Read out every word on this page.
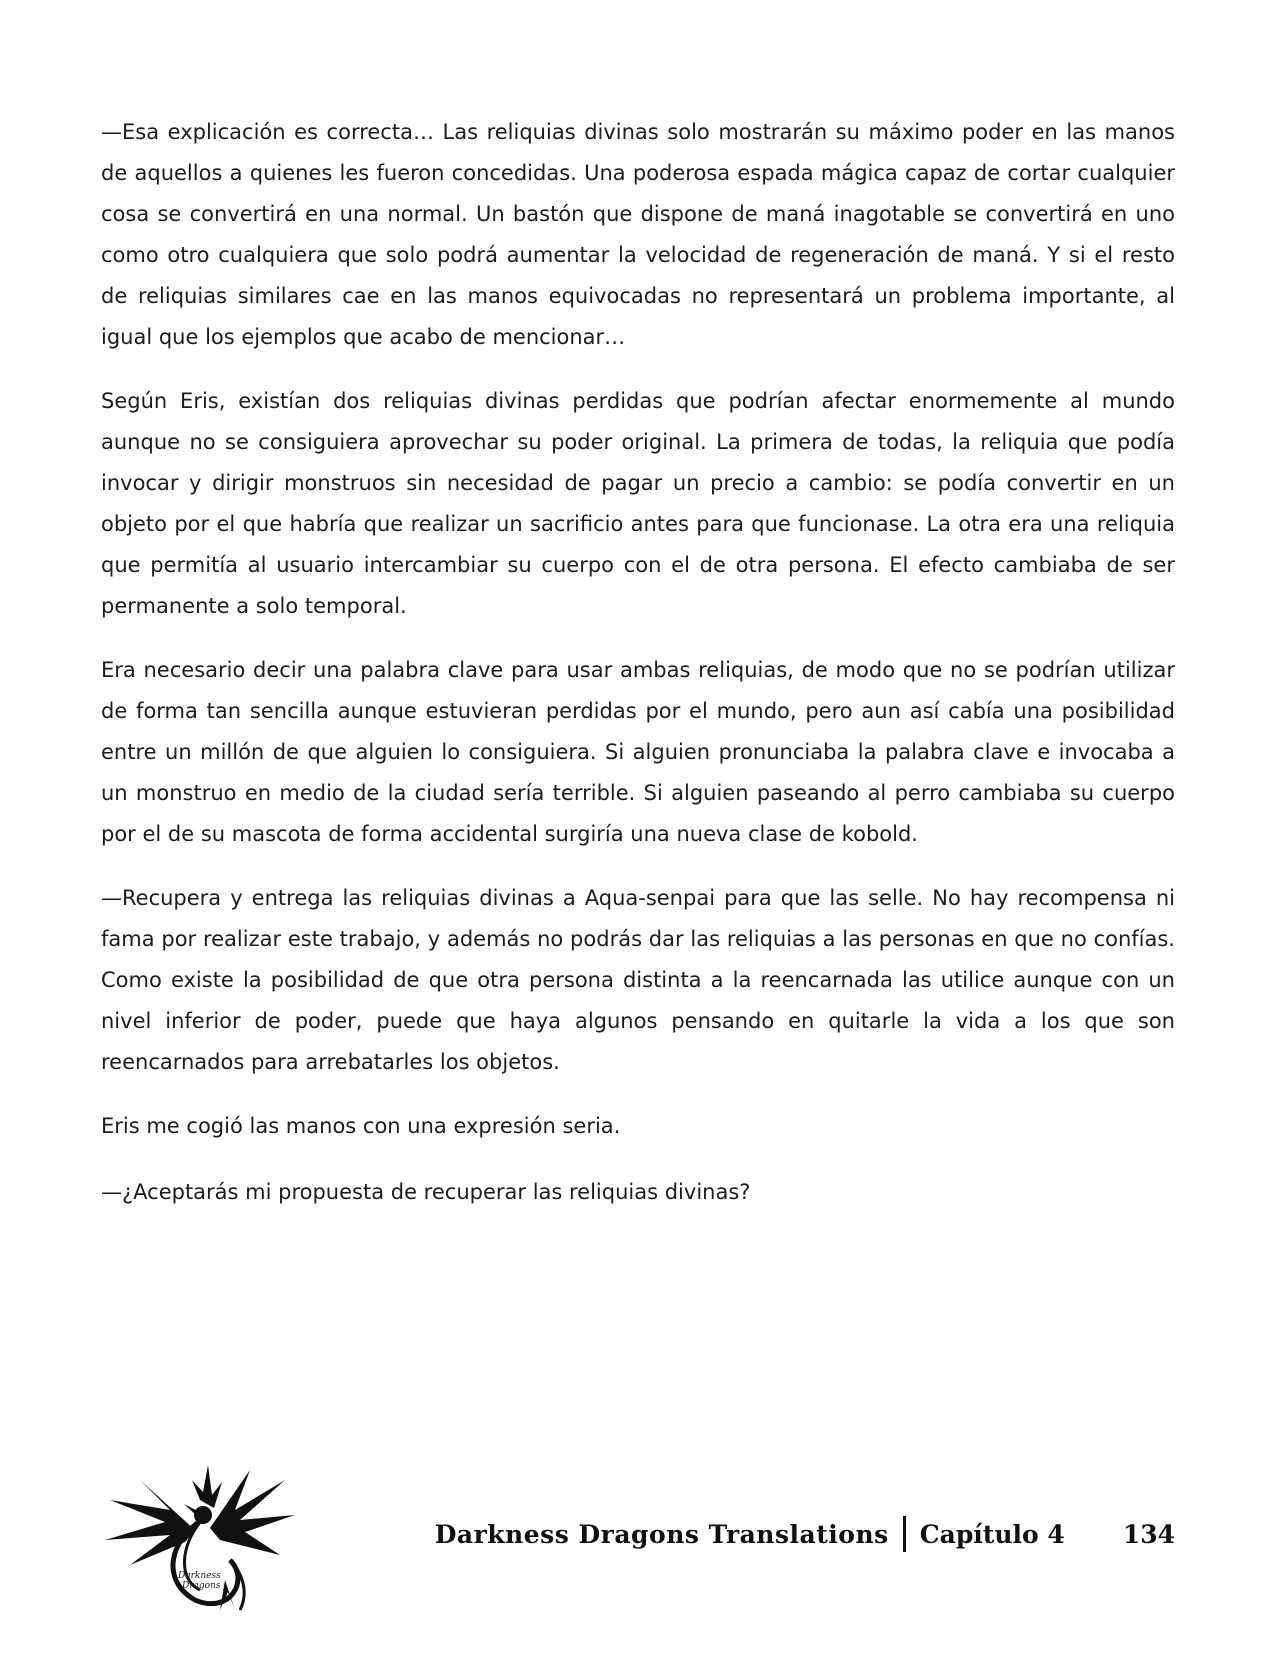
—Esa explicación es correcta… Las reliquias divinas solo mostrarán su máximo poder en las manos de aquellos a quienes les fueron concedidas. Una poderosa espada mágica capaz de cortar cualquier cosa se convertirá en una normal. Un bastón que dispone de maná inagotable se convertirá en uno como otro cualquiera que solo podrá aumentar la velocidad de regeneración de maná. Y si el resto de reliquias similares cae en las manos equivocadas no representará un problema importante, al igual que los ejemplos que acabo de mencionar…

Según Eris, existían dos reliquias divinas perdidas que podrían afectar enormemente al mundo aunque no se consiguiera aprovechar su poder original. La primera de todas, la reliquia que podía invocar y dirigir monstruos sin necesidad de pagar un precio a cambio: se podía convertir en un objeto por el que habría que realizar un sacrificio antes para que funcionase. La otra era una reliquia que permitía al usuario intercambiar su cuerpo con el de otra persona. El efecto cambiaba de ser permanente a solo temporal.

Era necesario decir una palabra clave para usar ambas reliquias, de modo que no se podrían utilizar de forma tan sencilla aunque estuvieran perdidas por el mundo, pero aun así cabía una posibilidad entre un millón de que alguien lo consiguiera. Si alguien pronunciaba la palabra clave e invocaba a un monstruo en medio de la ciudad sería terrible. Si alguien paseando al perro cambiaba su cuerpo por el de su mascota de forma accidental surgiría una nueva clase de kobold.

—Recupera y entrega las reliquias divinas a Aqua-senpai para que las selle. No hay recompensa ni fama por realizar este trabajo, y además no podrás dar las reliquias a las personas en que no confías. Como existe la posibilidad de que otra persona distinta a la reencarnada las utilice aunque con un nivel inferior de poder, puede que haya algunos pensando en quitarle la vida a los que son reencarnados para arrebatarles los objetos.

Eris me cogió las manos con una expresión seria.

—¿Aceptarás mi propuesta de recuperar las reliquias divinas?

Darkness
Dragons
Darkness Dragons Translations Capítulo 4 134
